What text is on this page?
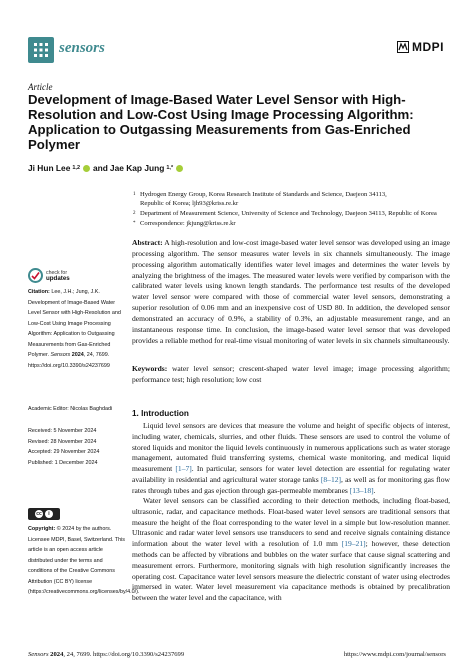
sensors	MDPI
Article
Development of Image-Based Water Level Sensor with High-Resolution and Low-Cost Using Image Processing Algorithm: Application to Outgassing Measurements from Gas-Enriched Polymer
Ji Hun Lee 1,2 and Jae Kap Jung 1,*
1 Hydrogen Energy Group, Korea Research Institute of Standards and Science, Daejeon 34113,
Republic of Korea; ljh93@kriss.re.kr
2 Department of Measurement Science, University of Science and Technology, Daejeon 34113, Republic of Korea
* Correspondence: jkjung@kriss.re.kr
Abstract: A high-resolution and low-cost image-based water level sensor was developed using an image processing algorithm. The sensor measures water levels in six channels simultaneously. The image processing algorithm automatically identifies water level images and determines the water levels by analyzing the brightness of the images. The measured water levels were verified by comparison with the calibrated water levels using known length standards. The performance test results of the developed water level sensor were compared with those of commercial water level sensors, demonstrating a superior resolution of 0.06 mm and an inexpensive cost of USD 80. In addition, the developed sensor demonstrated an accuracy of 0.9%, a stability of 0.3%, an adjustable measurement range, and an instantaneous response time. In conclusion, the image-based water level sensor that was developed provides a reliable method for real-time visual monitoring of water levels in six channels simultaneously.
Keywords: water level sensor; crescent-shaped water level image; image processing algorithm; performance test; high resolution; low cost
1. Introduction
Liquid level sensors are devices that measure the volume and height of specific objects of interest, including water, chemicals, slurries, and other fluids. These sensors are used to control the volume of stored liquids and monitor the liquid levels continuously in numerous applications such as water storage management, automated fluid transferring systems, chemical waste monitoring, and medical liquid measurement [1–7]. In particular, sensors for water level detection are essential for regulating water availability in residential and agricultural water storage tanks [8–12], as well as for monitoring gas flow rates through tubes and gas ejection through gas-permeable membranes [13–18].
Water level sensors can be classified according to their detection methods, including float-based, ultrasonic, radar, and capacitance methods. Float-based water level sensors are traditional sensors that measure the height of the float corresponding to the water level in a simple but low-resolution manner. Ultrasonic and radar water level sensors use transducers to send and receive signals containing distance information about the water level with a resolution of 1.0 mm [19–21]; however, these detection methods can be affected by vibrations and bubbles on the water surface that cause signal scattering and measurement errors. Furthermore, monitoring signals with high resolution significantly increases the operating cost. Capacitance water level sensors measure the dielectric constant of water using electrodes immersed in water. Water level measurement via capacitance methods is obtained by precalibration between the water level and the capacitance, with
check for
updates
Citation: Lee, J.H.; Jung, J.K. Development of Image-Based Water Level Sensor with High-Resolution and Low-Cost Using Image Processing Algorithm: Application to Outgassing Measurements from Gas-Enriched Polymer. Sensors 2024, 24, 7699. https://doi.org/10.3390/s24237699
Academic Editor: Nicolas Baghdadi
Received: 5 November 2024
Revised: 28 November 2024
Accepted: 29 November 2024
Published: 1 December 2024
cc	i
Copyright: © 2024 by the authors. Licensee MDPI, Basel, Switzerland. This article is an open access article distributed under the terms and conditions of the Creative Commons Attribution (CC BY) license (https://creativecommons.org/licenses/by/4.0/).
Sensors 2024, 24, 7699. https://doi.org/10.3390/s24237699	https://www.mdpi.com/journal/sensors
